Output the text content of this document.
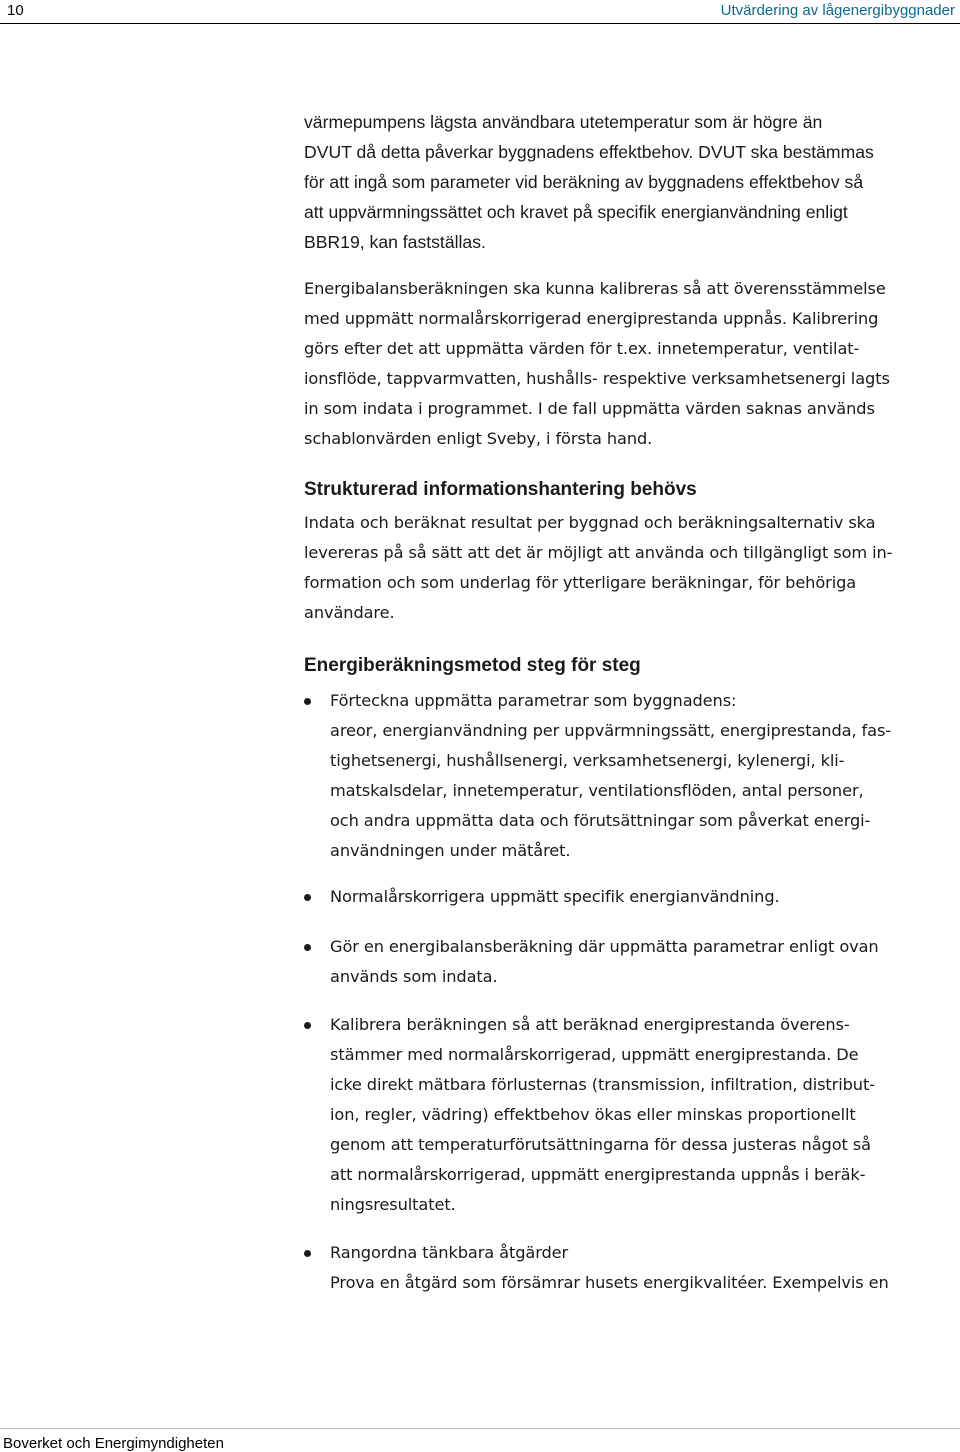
10	Utvärdering av lågenergibyggnader

värmepumpens lägsta användbara utetemperatur som är högre än
DVUT då detta påverkar byggnadens effektbehov. DVUT ska bestämmas
för att ingå som parameter vid beräkning av byggnadens effektbehov så
att uppvärmningssättet och kravet på specifik energianvändning enligt
BBR19, kan fastställas.

Energibalansberäkningen ska kunna kalibreras så att överensstämmelse
med uppmätt normalårskorrigerad energiprestanda uppnås. Kalibrering
görs efter det att uppmätta värden för t.ex. innetemperatur, ventilat-
ionsflöde, tappvarmvatten, hushålls- respektive verksamhetsenergi lagts
in som indata i programmet. I de fall uppmätta värden saknas används
schablonvärden enligt Sveby, i första hand.

Strukturerad informationshantering behövs

Indata och beräknat resultat per byggnad och beräkningsalternativ ska
levereras på så sätt att det är möjligt att använda och tillgängligt som in-
formation och som underlag för ytterligare beräkningar, för behöriga
användare.

Energiberäkningsmetod steg för steg
Förteckna uppmätta parametrar som byggnadens:
areor, energianvändning per uppvärmningssätt, energiprestanda, fas-
tighetsenergi, hushållsenergi, verksamhetsenergi, kylenergi, kli-
matskalsdelar, innetemperatur, ventilationsflöden, antal personer,
och andra uppmätta data och förutsättningar som påverkat energi-
användningen under mätåret.
Normalårskorrigera uppmätt specifik energianvändning.
Gör en energibalansberäkning där uppmätta parametrar enligt ovan
används som indata.
Kalibrera beräkningen så att beräknad energiprestanda överens-
stämmer med normalårskorrigerad, uppmätt energiprestanda. De
icke direkt mätbara förlusternas (transmission, infiltration, distribut-
ion, regler, vädring) effektbehov ökas eller minskas proportionellt
genom att temperaturförutsättningarna för dessa justeras något så
att normalårskorrigerad, uppmätt energiprestanda uppnås i beräk-
ningsresultatet.
Rangordna tänkbara åtgärder
Prova en åtgärd som försämrar husets energikvalitéer. Exempelvis en
Boverket och Energimyndigheten
